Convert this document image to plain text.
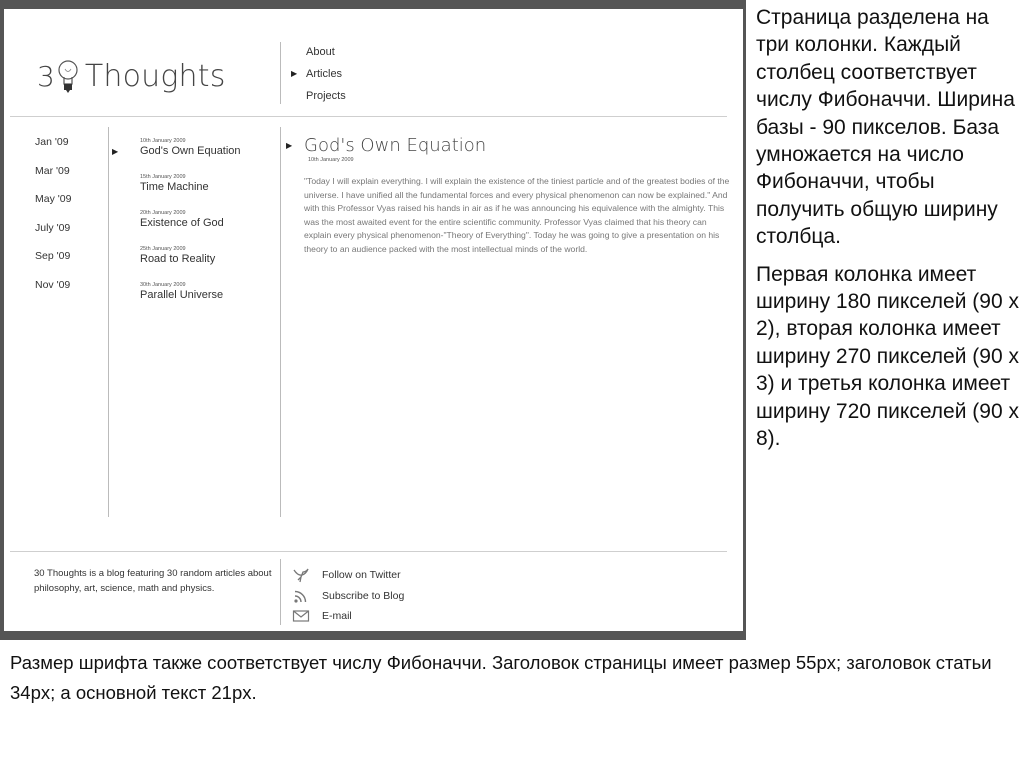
3 Thoughts
About
▶ Articles
Projects
Jan '09
Mar '09
May '09
July '09
Sep '09
Nov '09
▶ 10th January 2009
God's Own Equation
15th January 2009
Time Machine
20th January 2009
Existence of God
25th January 2009
Road to Reality
30th January 2009
Parallel Universe
▶ God's Own Equation
10th January 2009
"Today I will explain everything. I will explain the existence of the tiniest particle and of the greatest bodies of the universe. I have unified all the fundamental forces and every physical phenomenon can now be explained." And with this Professor Vyas raised his hands in air as if he was announcing his equivalence with the almighty. This was the most awaited event for the entire scientific community. Professor Vyas claimed that his theory can explain every physical phenomenon-"Theory of Everything". Today he was going to give a presentation on his theory to an audience packed with the most intellectual minds of the world.
30 Thoughts is a blog featuring 30 random articles about philosophy, art, science, math and physics.
Follow on Twitter
Subscribe to Blog
E-mail
Страница разделена на три колонки. Каждый столбец соответствует числу Фибоначчи. Ширина базы - 90 пикселов. База умножается на число Фибоначчи, чтобы получить общую ширину столбца.
Первая колонка имеет ширину 180 пикселей (90 х 2), вторая колонка имеет ширину 270 пикселей (90 х 3) и третья колонка имеет ширину 720 пикселей (90 х 8).
Размер шрифта также соответствует числу Фибоначчи. Заголовок страницы имеет размер 55px; заголовок статьи 34px; а основной текст 21px.
